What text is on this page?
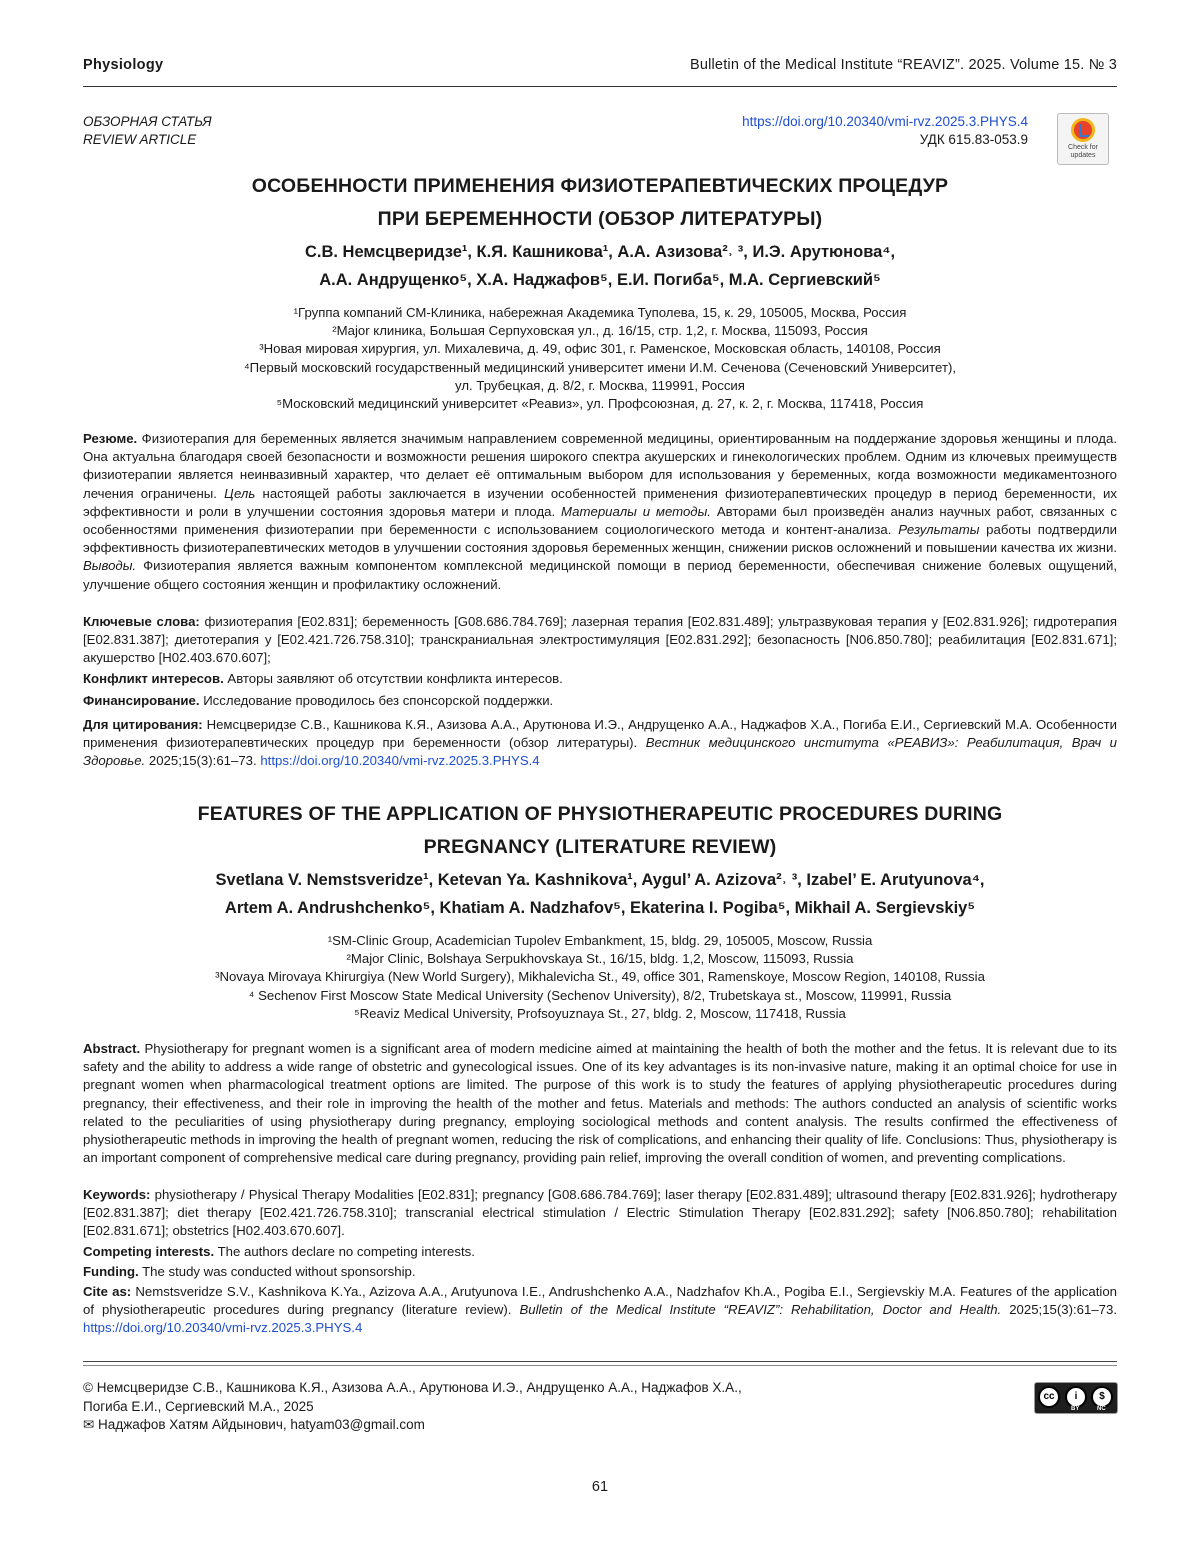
Physiology	Bulletin of the Medical Institute “REAVIZ”. 2025. Volume 15. № 3
ОБЗОРНАЯ СТАТЬЯ
REVIEW ARTICLE
https://doi.org/10.20340/vmi-rvz.2025.3.PHYS.4
УДК 615.83-053.9
Check for
updates
ОСОБЕННОСТИ ПРИМЕНЕНИЯ ФИЗИОТЕРАПЕВТИЧЕСКИХ ПРОЦЕДУР
ПРИ БЕРЕМЕННОСТИ (ОБЗОР ЛИТЕРАТУРЫ)
С.В. Немсцверидзе¹, К.Я. Кашникова¹, А.А. Азизова²˒ ³, И.Э. Арутюнова⁴,
А.А. Андрущенко⁵, Х.А. Наджафов⁵, Е.И. Погиба⁵, М.А. Сергиевский⁵
¹Группа компаний СМ-Клиника, набережная Академика Туполева, 15, к. 29, 105005, Москва, Россия
²Major клиника, Большая Серпуховская ул., д. 16/15, стр. 1,2, г. Москва, 115093, Россия
³Новая мировая хирургия, ул. Михалевича, д. 49, офис 301, г. Раменское, Московская область, 140108, Россия
⁴Первый московский государственный медицинский университет имени И.М. Сеченова (Сеченовский Университет),
ул. Трубецкая, д. 8/2, г. Москва, 119991, Россия
⁵Московский медицинский университет «Реавиз», ул. Профсоюзная, д. 27, к. 2, г. Москва, 117418, Россия
Резюме. Физиотерапия для беременных является значимым направлением современной медицины, ориентированным на поддержание здоровья женщины и плода. Она актуальна благодаря своей безопасности и возможности решения широкого спектра акушерских и гинекологических проблем. Одним из ключевых преимуществ физиотерапии является неинвазивный характер, что делает её оптимальным выбором для использования у беременных, когда возможности медикаментозного лечения ограничены. Цель настоящей работы заключается в изучении особенностей применения физиотерапевтических процедур в период беременности, их эффективности и роли в улучшении состояния здоровья матери и плода. Материалы и методы. Авторами был произведён анализ научных работ, связанных с особенностями применения физиотерапии при беременности с использованием социологического метода и контент-анализа. Результаты работы подтвердили эффективность физиотерапевтических методов в улучшении состояния здоровья беременных женщин, снижении рисков осложнений и повышении качества их жизни. Выводы. Физиотерапия является важным компонентом комплексной медицинской помощи в период беременности, обеспечивая снижение болевых ощущений, улучшение общего состояния женщин и профилактику осложнений.
Ключевые слова: физиотерапия [E02.831]; беременность [G08.686.784.769]; лазерная терапия [E02.831.489]; ультразвуковая терапия у [E02.831.926]; гидротерапия [E02.831.387]; диетотерапия у [E02.421.726.758.310]; транскраниальная электростимуляция [E02.831.292]; безопасность [N06.850.780]; реабилитация [E02.831.671]; акушерство [H02.403.670.607];
Конфликт интересов. Авторы заявляют об отсутствии конфликта интересов.
Финансирование. Исследование проводилось без спонсорской поддержки.
Для цитирования: Немсцверидзе С.В., Кашникова К.Я., Азизова А.А., Арутюнова И.Э., Андрущенко А.А., Наджафов Х.А., Погиба Е.И., Сергиевский М.А. Особенности применения физиотерапевтических процедур при беременности (обзор литературы). Вестник медицинского института «РЕАВИЗ»: Реабилитация, Врач и Здоровье. 2025;15(3):61–73. https://doi.org/10.20340/vmi-rvz.2025.3.PHYS.4
FEATURES OF THE APPLICATION OF PHYSIOTHERAPEUTIC PROCEDURES DURING
PREGNANCY (LITERATURE REVIEW)
Svetlana V. Nemstsveridze¹, Ketevan Ya. Kashnikova¹, Aygul’ A. Azizova²˒ ³, Izabel’ E. Arutyunova⁴,
Artem A. Andrushchenko⁵, Khatiam A. Nadzhafov⁵, Ekaterina I. Pogiba⁵, Mikhail A. Sergievskiy⁵
¹SM-Clinic Group, Academician Tupolev Embankment, 15, bldg. 29, 105005, Moscow, Russia
²Major Clinic, Bolshaya Serpukhovskaya St., 16/15, bldg. 1,2, Moscow, 115093, Russia
³Novaya Mirovaya Khirurgiya (New World Surgery), Mikhalevicha St., 49, office 301, Ramenskoye, Moscow Region, 140108, Russia
⁴ Sechenov First Moscow State Medical University (Sechenov University), 8/2, Trubetskaya st., Moscow, 119991, Russia
⁵Reaviz Medical University, Profsoyuznaya St., 27, bldg. 2, Moscow, 117418, Russia
Abstract. Physiotherapy for pregnant women is a significant area of modern medicine aimed at maintaining the health of both the mother and the fetus. It is relevant due to its safety and the ability to address a wide range of obstetric and gynecological issues. One of its key advantages is its non-invasive nature, making it an optimal choice for use in pregnant women when pharmacological treatment options are limited. The purpose of this work is to study the features of applying physiotherapeutic procedures during pregnancy, their effectiveness, and their role in improving the health of the mother and fetus. Materials and methods: The authors conducted an analysis of scientific works related to the peculiarities of using physiotherapy during pregnancy, employing sociological methods and content analysis. The results confirmed the effectiveness of physiotherapeutic methods in improving the health of pregnant women, reducing the risk of complications, and enhancing their quality of life. Conclusions: Thus, physiotherapy is an important component of comprehensive medical care during pregnancy, providing pain relief, improving the overall condition of women, and preventing complications.
Keywords: physiotherapy / Physical Therapy Modalities [E02.831]; pregnancy [G08.686.784.769]; laser therapy [E02.831.489]; ultrasound therapy [E02.831.926]; hydrotherapy [E02.831.387]; diet therapy [E02.421.726.758.310]; transcranial electrical stimulation / Electric Stimulation Therapy [E02.831.292]; safety [N06.850.780]; rehabilitation [E02.831.671]; obstetrics [H02.403.670.607].
Competing interests. The authors declare no competing interests.
Funding. The study was conducted without sponsorship.
Cite as: Nemstsveridze S.V., Kashnikova K.Ya., Azizova A.A., Arutyunova I.E., Andrushchenko A.A., Nadzhafov Kh.A., Pogiba E.I., Sergievskiy M.A. Features of the application of physiotherapeutic procedures during pregnancy (literature review). Bulletin of the Medical Institute “REAVIZ”: Rehabilitation, Doctor and Health. 2025;15(3):61–73. https://doi.org/10.20340/vmi-rvz.2025.3.PHYS.4
© Немсцверидзе С.В., Кашникова К.Я., Азизова А.А., Арутюнова И.Э., Андрущенко А.А., Наджафов Х.А.,
Погиба Е.И., Сергиевский М.А., 2025
✉ Наджафов Хатям Айдынович, hatyam03@gmail.com
cc	i	$
BY	NC
61
